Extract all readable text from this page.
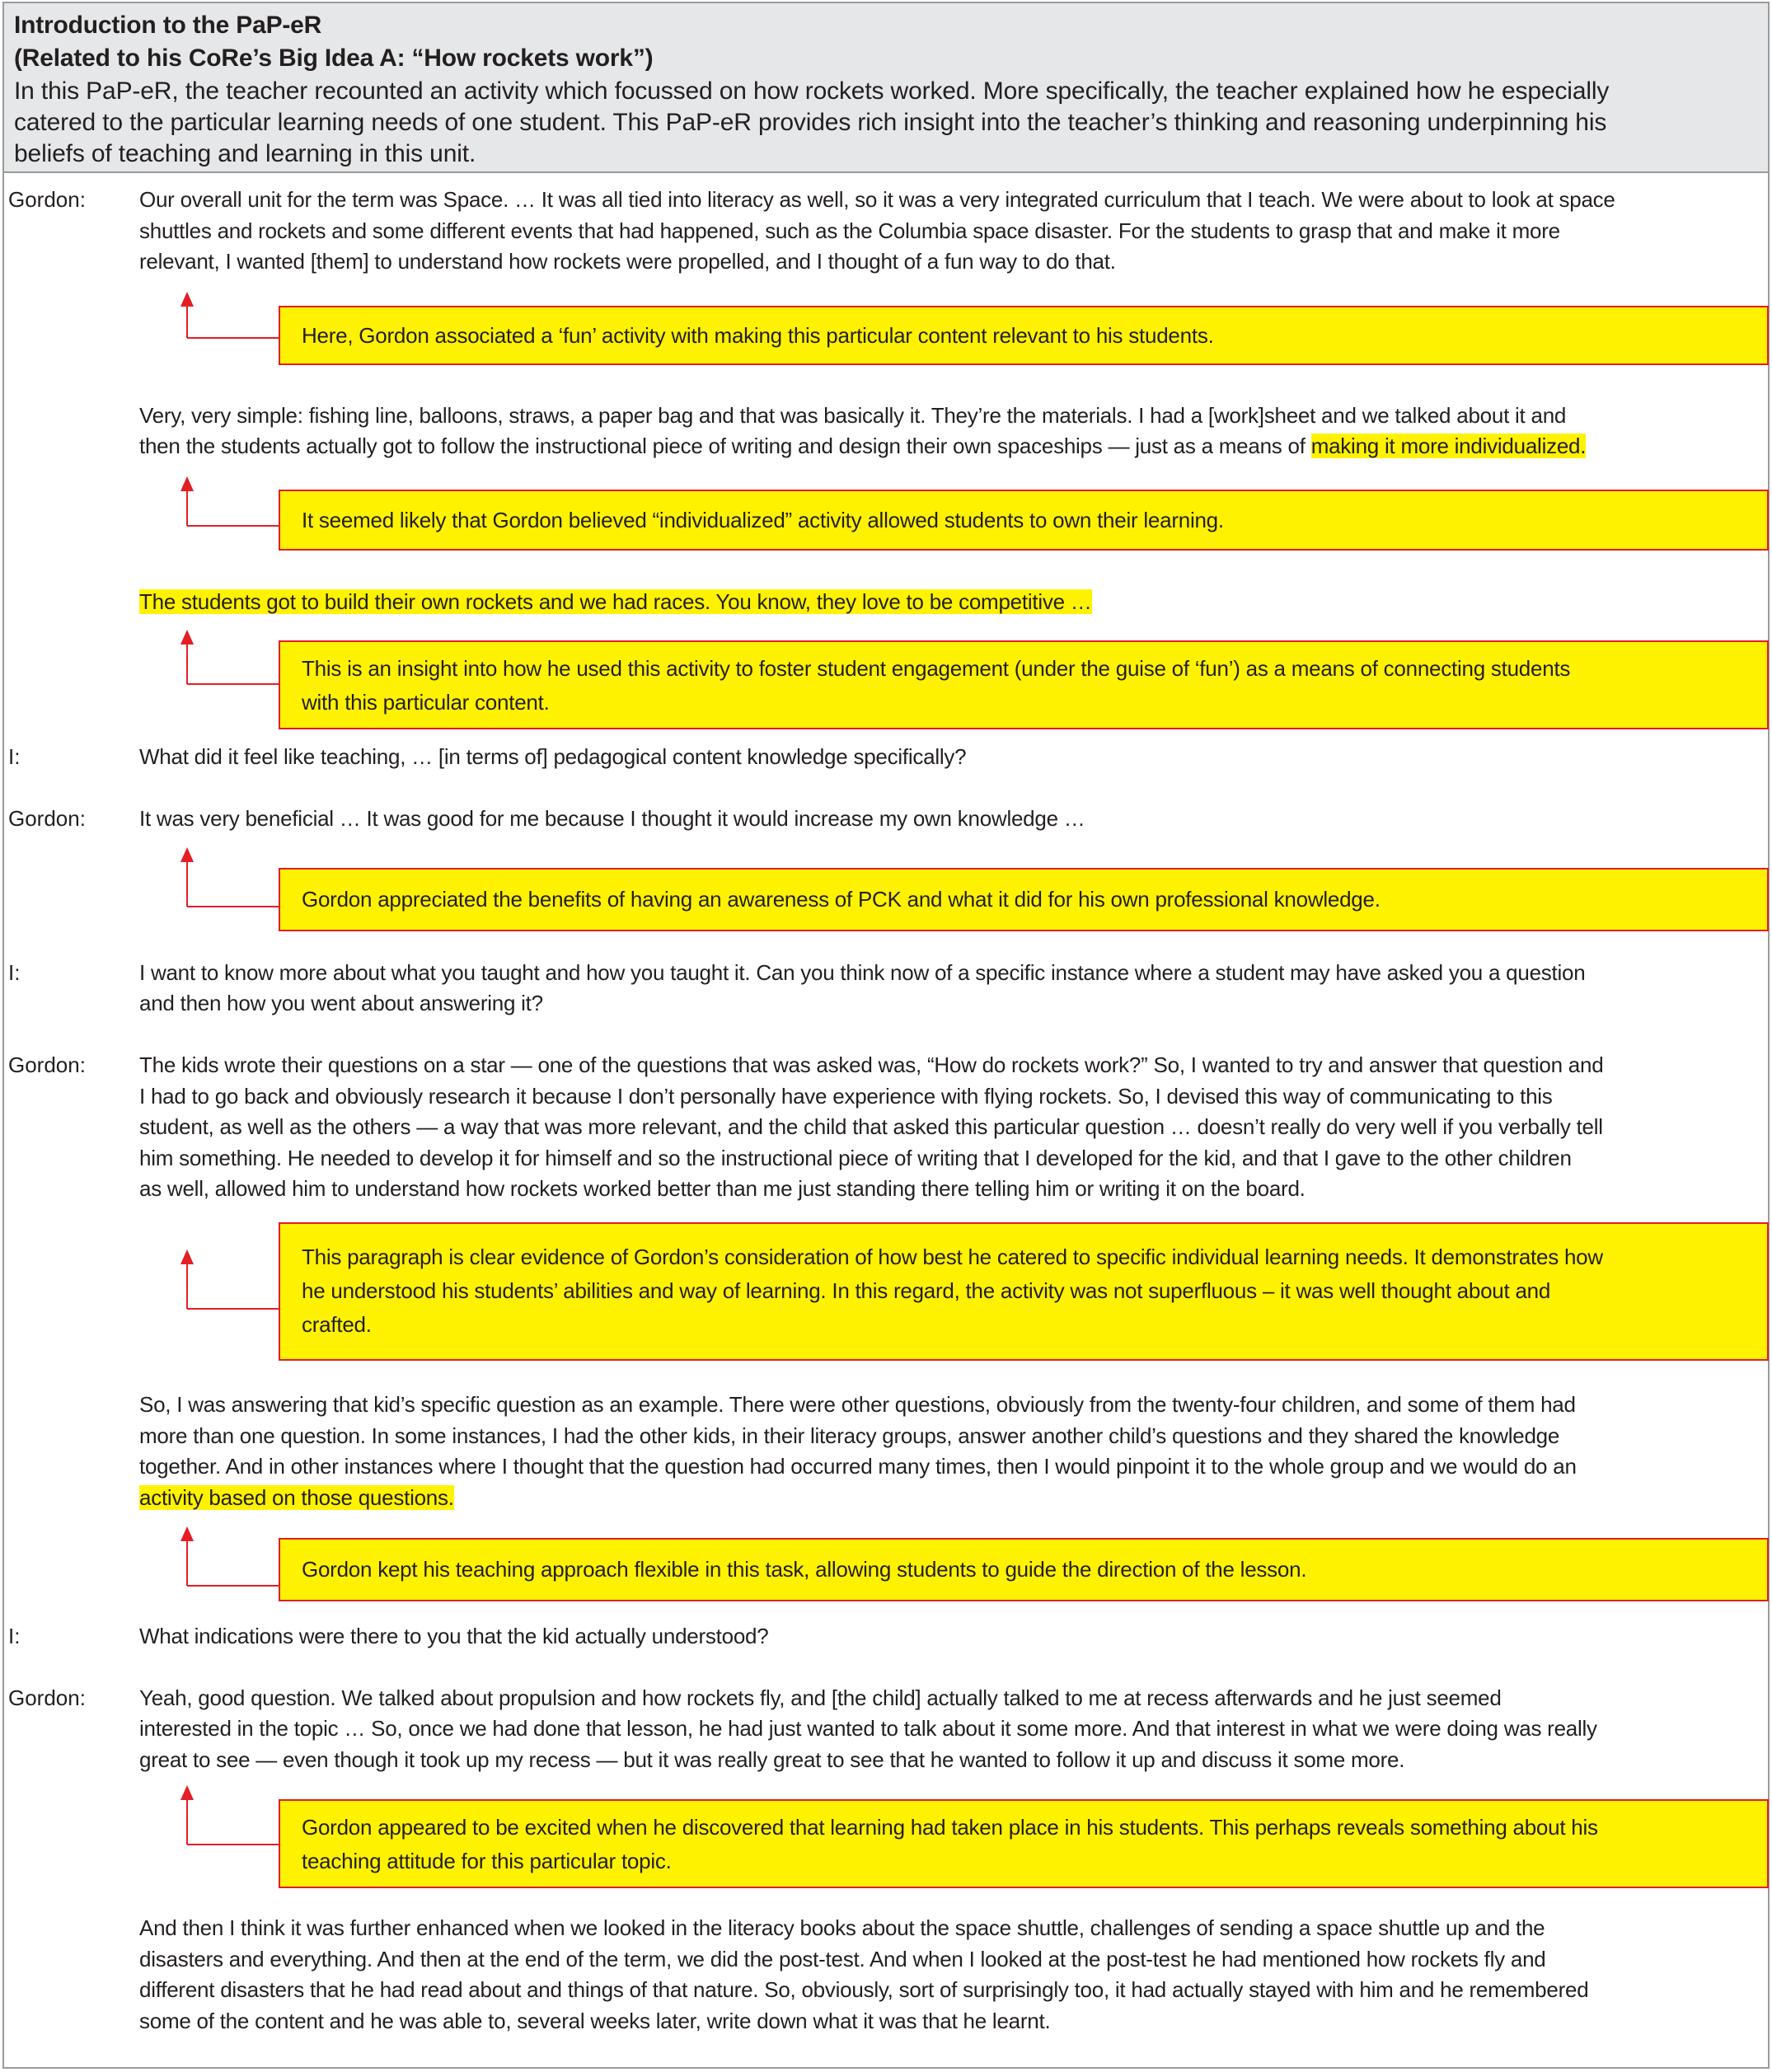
Introduction to the PaP-eR
(Related to his CoRe’s Big Idea A: “How rockets work”)
In this PaP-eR, the teacher recounted an activity which focussed on how rockets worked. More specifically, the teacher explained how he especially
catered to the particular learning needs of one student. This PaP-eR provides rich insight into the teacher’s thinking and reasoning underpinning his
beliefs of teaching and learning in this unit.
Gordon:	Our overall unit for the term was Space. … It was all tied into literacy as well, so it was a very integrated curriculum that I teach. We were about to look at space
shuttles and rockets and some different events that had happened, such as the Columbia space disaster. For the students to grasp that and make it more
relevant, I wanted [them] to understand how rockets were propelled, and I thought of a fun way to do that.
Here, Gordon associated a ‘fun’ activity with making this particular content relevant to his students.
Very, very simple: fishing line, balloons, straws, a paper bag and that was basically it. They’re the materials. I had a [work]sheet and we talked about it and
then the students actually got to follow the instructional piece of writing and design their own spaceships — just as a means of making it more individualized.
It seemed likely that Gordon believed “individualized” activity allowed students to own their learning.
The students got to build their own rockets and we had races. You know, they love to be competitive …
This is an insight into how he used this activity to foster student engagement (under the guise of ‘fun’) as a means of connecting students
with this particular content.
I:	What did it feel like teaching, … [in terms of] pedagogical content knowledge specifically?
Gordon:	It was very beneficial … It was good for me because I thought it would increase my own knowledge …
Gordon appreciated the benefits of having an awareness of PCK and what it did for his own professional knowledge.
I:	I want to know more about what you taught and how you taught it. Can you think now of a specific instance where a student may have asked you a question
and then how you went about answering it?
Gordon:	The kids wrote their questions on a star — one of the questions that was asked was, “How do rockets work?” So, I wanted to try and answer that question and
I had to go back and obviously research it because I don’t personally have experience with flying rockets. So, I devised this way of communicating to this
student, as well as the others — a way that was more relevant, and the child that asked this particular question … doesn’t really do very well if you verbally tell
him something. He needed to develop it for himself and so the instructional piece of writing that I developed for the kid, and that I gave to the other children
as well, allowed him to understand how rockets worked better than me just standing there telling him or writing it on the board.
This paragraph is clear evidence of Gordon’s consideration of how best he catered to specific individual learning needs. It demonstrates how
he understood his students’ abilities and way of learning. In this regard, the activity was not superfluous – it was well thought about and
crafted.
So, I was answering that kid’s specific question as an example. There were other questions, obviously from the twenty-four children, and some of them had
more than one question. In some instances, I had the other kids, in their literacy groups, answer another child’s questions and they shared the knowledge
together. And in other instances where I thought that the question had occurred many times, then I would pinpoint it to the whole group and we would do an
activity based on those questions.
Gordon kept his teaching approach flexible in this task, allowing students to guide the direction of the lesson.
I:	What indications were there to you that the kid actually understood?
Gordon:	Yeah, good question. We talked about propulsion and how rockets fly, and [the child] actually talked to me at recess afterwards and he just seemed
interested in the topic … So, once we had done that lesson, he had just wanted to talk about it some more. And that interest in what we were doing was really
great to see — even though it took up my recess — but it was really great to see that he wanted to follow it up and discuss it some more.
Gordon appeared to be excited when he discovered that learning had taken place in his students. This perhaps reveals something about his
teaching attitude for this particular topic.
And then I think it was further enhanced when we looked in the literacy books about the space shuttle, challenges of sending a space shuttle up and the
disasters and everything. And then at the end of the term, we did the post-test. And when I looked at the post-test he had mentioned how rockets fly and
different disasters that he had read about and things of that nature. So, obviously, sort of surprisingly too, it had actually stayed with him and he remembered
some of the content and he was able to, several weeks later, write down what it was that he learnt.
